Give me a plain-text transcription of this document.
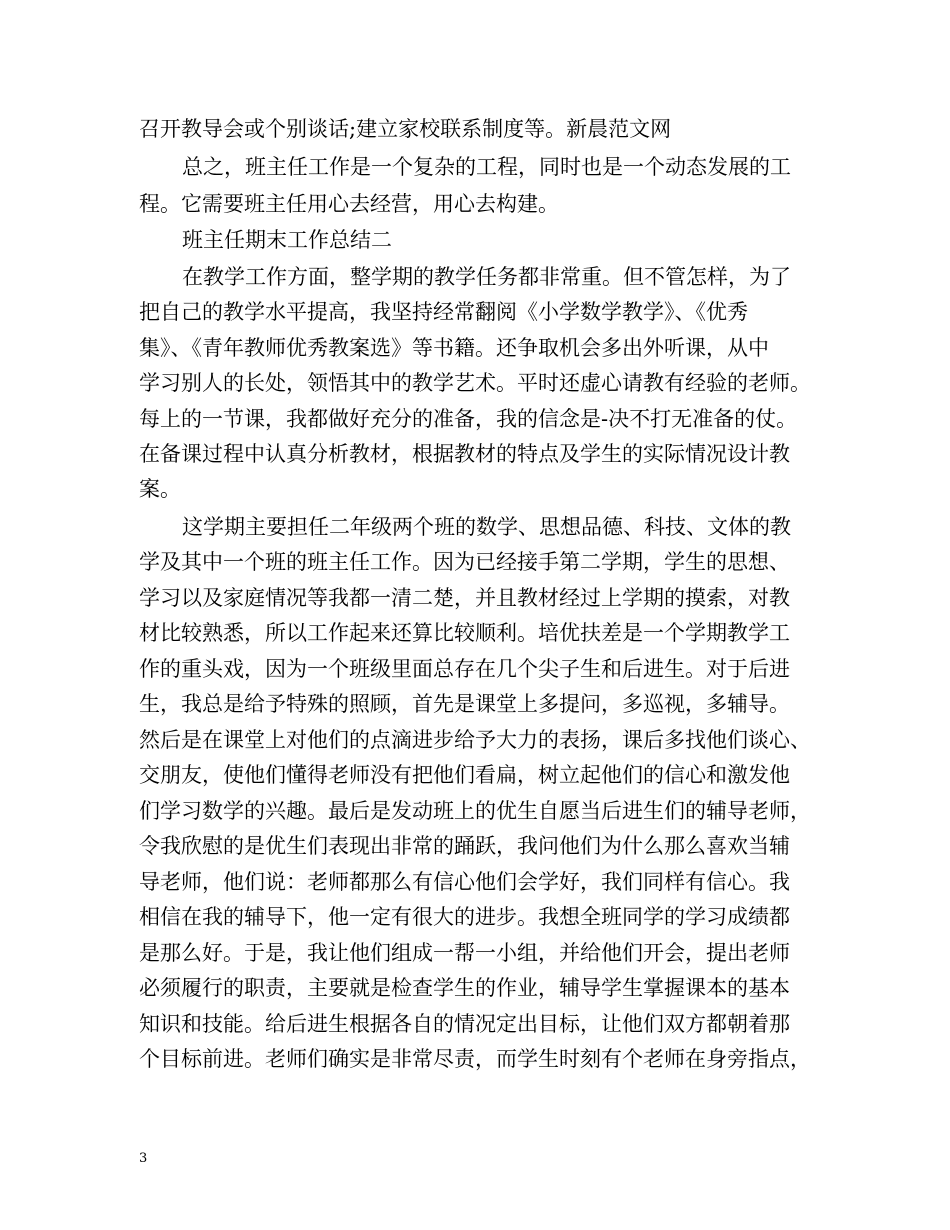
召开教导会或个别谈话;建立家校联系制度等。新晨范文网
总之，班主任工作是一个复杂的工程，同时也是一个动态发展的工
程。它需要班主任用心去经营，用心去构建。
班主任期末工作总结二
在教学工作方面，整学期的教学任务都非常重。但不管怎样，为了
把自己的教学水平提高，我坚持经常翻阅《小学数学教学》、《优秀
集》、《青年教师优秀教案选》等书籍。还争取机会多出外听课，从中
学习别人的长处，领悟其中的教学艺术。平时还虚心请教有经验的老师。
每上的一节课，我都做好充分的准备，我的信念是-决不打无准备的仗。
在备课过程中认真分析教材，根据教材的特点及学生的实际情况设计教
案。
这学期主要担任二年级两个班的数学、思想品德、科技、文体的教
学及其中一个班的班主任工作。因为已经接手第二学期，学生的思想、
学习以及家庭情况等我都一清二楚，并且教材经过上学期的摸索，对教
材比较熟悉，所以工作起来还算比较顺利。培优扶差是一个学期教学工
作的重头戏，因为一个班级里面总存在几个尖子生和后进生。对于后进
生，我总是给予特殊的照顾，首先是课堂上多提问，多巡视，多辅导。
然后是在课堂上对他们的点滴进步给予大力的表扬，课后多找他们谈心、
交朋友，使他们懂得老师没有把他们看扁，树立起他们的信心和激发他
们学习数学的兴趣。最后是发动班上的优生自愿当后进生们的辅导老师，
令我欣慰的是优生们表现出非常的踊跃，我问他们为什么那么喜欢当辅
导老师，他们说：老师都那么有信心他们会学好，我们同样有信心。我
相信在我的辅导下，他一定有很大的进步。我想全班同学的学习成绩都
是那么好。于是，我让他们组成一帮一小组，并给他们开会，提出老师
必须履行的职责，主要就是检查学生的作业，辅导学生掌握课本的基本
知识和技能。给后进生根据各自的情况定出目标，让他们双方都朝着那
个目标前进。老师们确实是非常尽责，而学生时刻有个老师在身旁指点，
3
